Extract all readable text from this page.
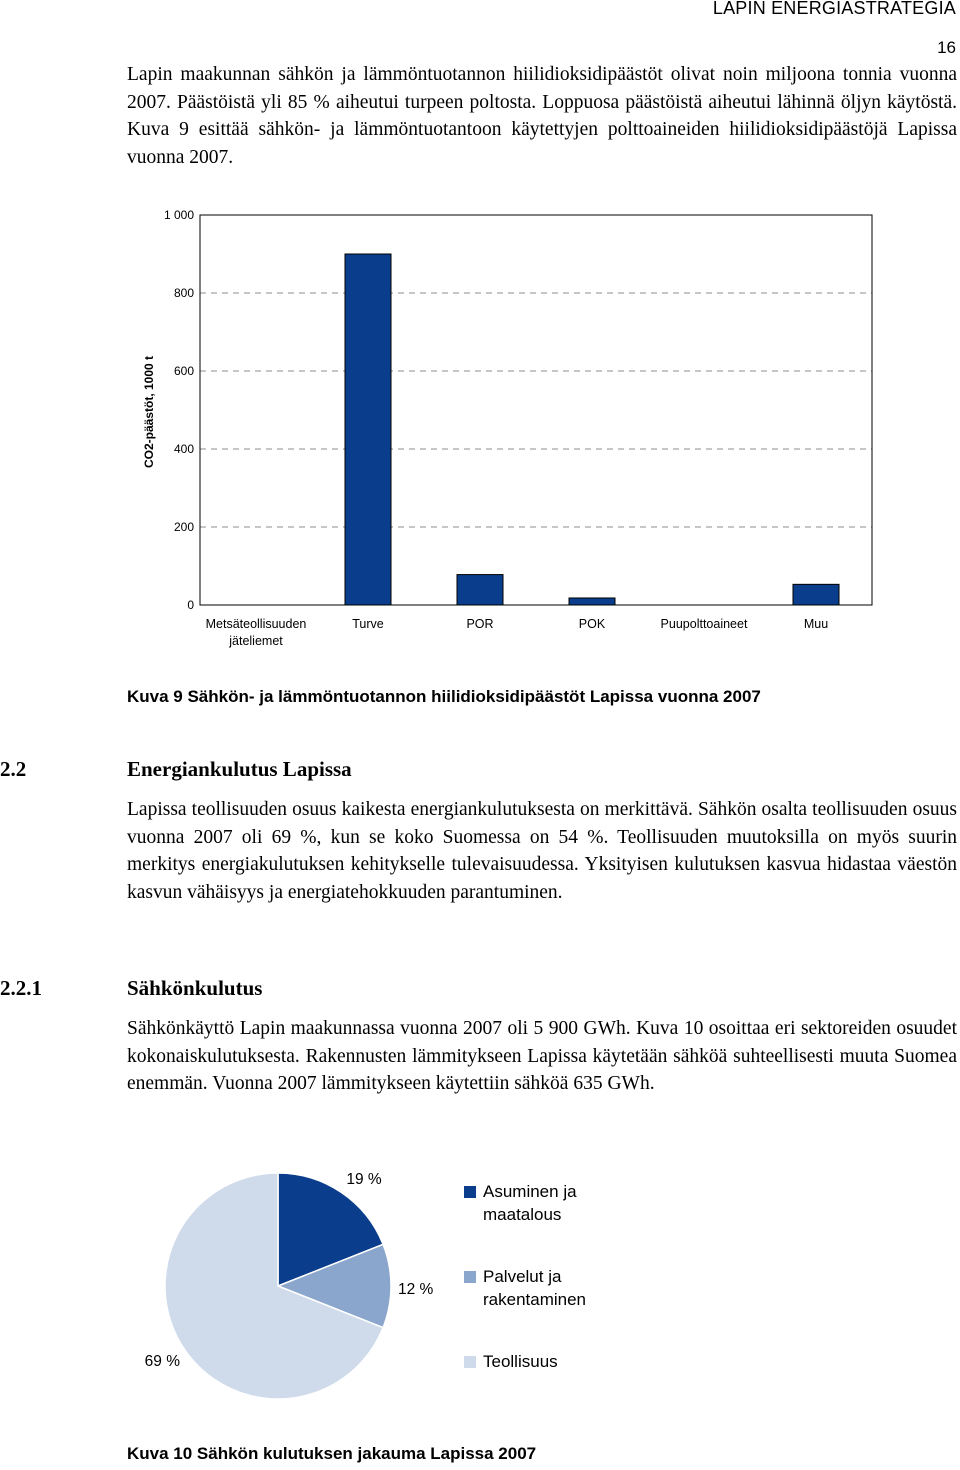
LAPIN ENERGIASTRATEGIA
16

Lapin maakunnan sähkön ja lämmöntuotannon hiilidioksidipäästöt olivat noin miljoona tonnia vuonna 2007. Päästöistä yli 85 % aiheutui turpeen poltosta. Loppuosa päästöistä aiheutui lähinnä öljyn käytöstä. Kuva 9 esittää sähkön- ja lämmöntuotantoon käytettyjen polttoaineiden hiilidioksidipäästöjä Lapissa vuonna 2007.

0
200
400
600
800
1 000
CO2-päästöt, 1000 t
Metsäteollisuuden
jäteliemet
Turve	POR	POK	Puupolttoaineet	Muu
Kuva 9 Sähkön- ja lämmöntuotannon hiilidioksidipäästöt Lapissa vuonna 2007
2.2	Energiankulutus Lapissa

Lapissa teollisuuden osuus kaikesta energiankulutuksesta on merkittävä. Sähkön osalta teollisuuden osuus vuonna 2007 oli 69 %, kun se koko Suomessa on 54 %. Teollisuuden muutoksilla on myös suurin merkitys energiakulutuksen kehitykselle tulevaisuudessa. Yksityisen kulutuksen kasvua hidastaa väestön kasvun vähäisyys ja energiatehokkuuden parantuminen.

2.2.1	Sähkönkulutus

Sähkönkäyttö Lapin maakunnassa vuonna 2007 oli 5 900 GWh. Kuva 10 osoittaa eri sektoreiden osuudet kokonaiskulutuksesta. Rakennusten lämmitykseen Lapissa käytetään sähköä suhteellisesti muuta Suomea enemmän. Vuonna 2007 lämmitykseen käytettiin sähköä 635 GWh.

19 %
12 %
69 %
Asuminen ja
maatalous
Palvelut ja
rakentaminen
Teollisuus
Kuva 10 Sähkön kulutuksen jakauma Lapissa 2007
